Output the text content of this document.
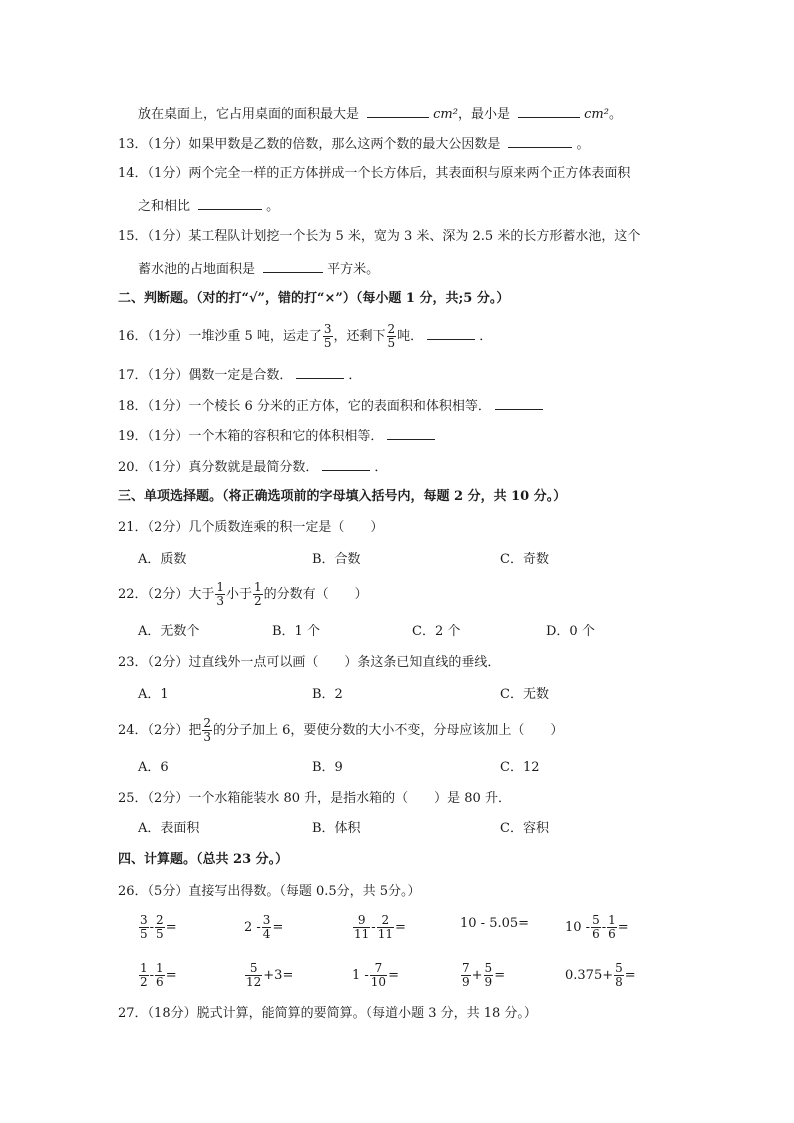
放在桌面上，它占用桌面的面积最大是	cm²，最小是	cm²。
13．（1分）如果甲数是乙数的倍数，那么这两个数的最大公因数是	。
14．（1分）两个完全一样的正方体拼成一个长方体后，其表面积与原来两个正方体表面积
之和相比	。
15．（1分）某工程队计划挖一个长为 5 米，宽为 3 米、深为 2.5 米的长方形蓄水池，这个
蓄水池的占地面积是	平方米。
二、判断题。（对的打“√”，错的打“×”）（每小题 1 分，共;5 分。）
16．（1分）一堆沙重 5 吨，运走了 $\frac{3}{5}$ ，还剩下 $\frac{2}{5}$ 吨．	．
17．（1分）偶数一定是合数．	．
18．（1分）一个棱长 6 分米的正方体，它的表面积和体积相等．
19．（1分）一个木箱的容积和它的体积相等．
20．（1分）真分数就是最简分数．	．
三、单项选择题。（将正确选项前的字母填入括号内，每题 2 分，共 10 分。）
21．（2分）几个质数连乘的积一定是（　　）
A．质数	B．合数	C．奇数
22．（2分）大于 $\frac{1}{3}$ 小于 $\frac{1}{2}$ 的分数有（　　）
A．无数个	B．1 个	C．2 个	D．0 个
23．（2分）过直线外一点可以画（　　）条这条已知直线的垂线．
A．1	B．2	C．无数
24．（2分）把 $\frac{2}{3}$ 的分子加上 6，要使分数的大小不变，分母应该加上（　　）
A．6	B．9	C．12
25．（2分）一个水箱能装水 80 升，是指水箱的（　　）是 80 升．
A．表面积	B．体积	C．容积
四、计算题。（总共 23 分。）
26．（5分）直接写出得数。（每题 0.5分，共 5分。）
$\frac{3}{5} - \frac{2}{5}$ =	$2 - \frac{3}{4}$ =	$\frac{9}{11} - \frac{2}{11}$ =	10 - 5.05=	$10 - \frac{5}{6} - \frac{1}{6}$ =
$\frac{1}{2} - \frac{1}{6}$ =	$\frac{5}{12} +3=$	$1 - \frac{7}{10}$ =	$\frac{7}{9} + \frac{5}{9}$ =	$0.375+ \frac{5}{8}$ =
27．（18分）脱式计算，能简算的要简算。（每道小题 3 分，共 18 分。）
